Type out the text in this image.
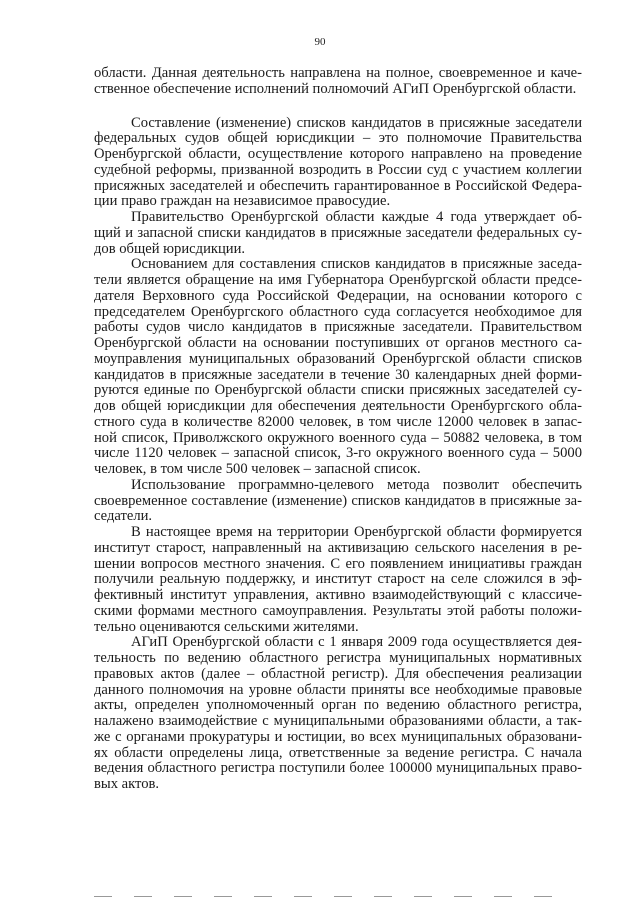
90
области. Данная деятельность направлена на полное, своевременное и каче-
ственное обеспечение исполнений полномочий АГиП Оренбургской области.
Составление (изменение) списков кандидатов в присяжные заседатели
федеральных судов общей юрисдикции – это полномочие Правительства
Оренбургской области, осуществление которого направлено на проведение
судебной реформы, призванной возродить в России суд с участием коллегии
присяжных заседателей и обеспечить гарантированное в Российской Федера-
ции право граждан на независимое правосудие.
Правительство Оренбургской области каждые 4 года утверждает об-
щий и запасной списки кандидатов в присяжные заседатели федеральных су-
дов общей юрисдикции.
Основанием для составления списков кандидатов в присяжные заседа-
тели является обращение на имя Губернатора Оренбургской области предсе-
дателя Верховного суда Российской Федерации, на основании которого с
председателем Оренбургского областного суда согласуется необходимое для
работы судов число кандидатов в присяжные заседатели. Правительством
Оренбургской области на основании поступивших от органов местного са-
моуправления муниципальных образований Оренбургской области списков
кандидатов в присяжные заседатели в течение 30 календарных дней форми-
руются единые по Оренбургской области списки присяжных заседателей су-
дов общей юрисдикции для обеспечения деятельности Оренбургского обла-
стного суда в количестве 82000 человек, в том числе 12000 человек в запас-
ной список, Приволжского окружного военного суда – 50882 человека, в том
числе 1120 человек – запасной список, 3-го окружного военного суда – 5000
человек, в том числе 500 человек – запасной список.
Использование программно-целевого метода позволит обеспечить
своевременное составление (изменение) списков кандидатов в присяжные за-
седатели.
В настоящее время на территории Оренбургской области формируется
институт старост, направленный на активизацию сельского населения в ре-
шении вопросов местного значения. С его появлением инициативы граждан
получили реальную поддержку, и институт старост на селе сложился в эф-
фективный институт управления, активно взаимодействующий с классиче-
скими формами местного самоуправления. Результаты этой работы положи-
тельно оцениваются сельскими жителями.
АГиП Оренбургской области с 1 января 2009 года осуществляется дея-
тельность по ведению областного регистра муниципальных нормативных
правовых актов (далее – областной регистр). Для обеспечения реализации
данного полномочия на уровне области приняты все необходимые правовые
акты, определен уполномоченный орган по ведению областного регистра,
налажено взаимодействие с муниципальными образованиями области, а так-
же с органами прокуратуры и юстиции, во всех муниципальных образовани-
ях области определены лица, ответственные за ведение регистра. С начала
ведения областного регистра поступили более 100000 муниципальных право-
вых актов.
